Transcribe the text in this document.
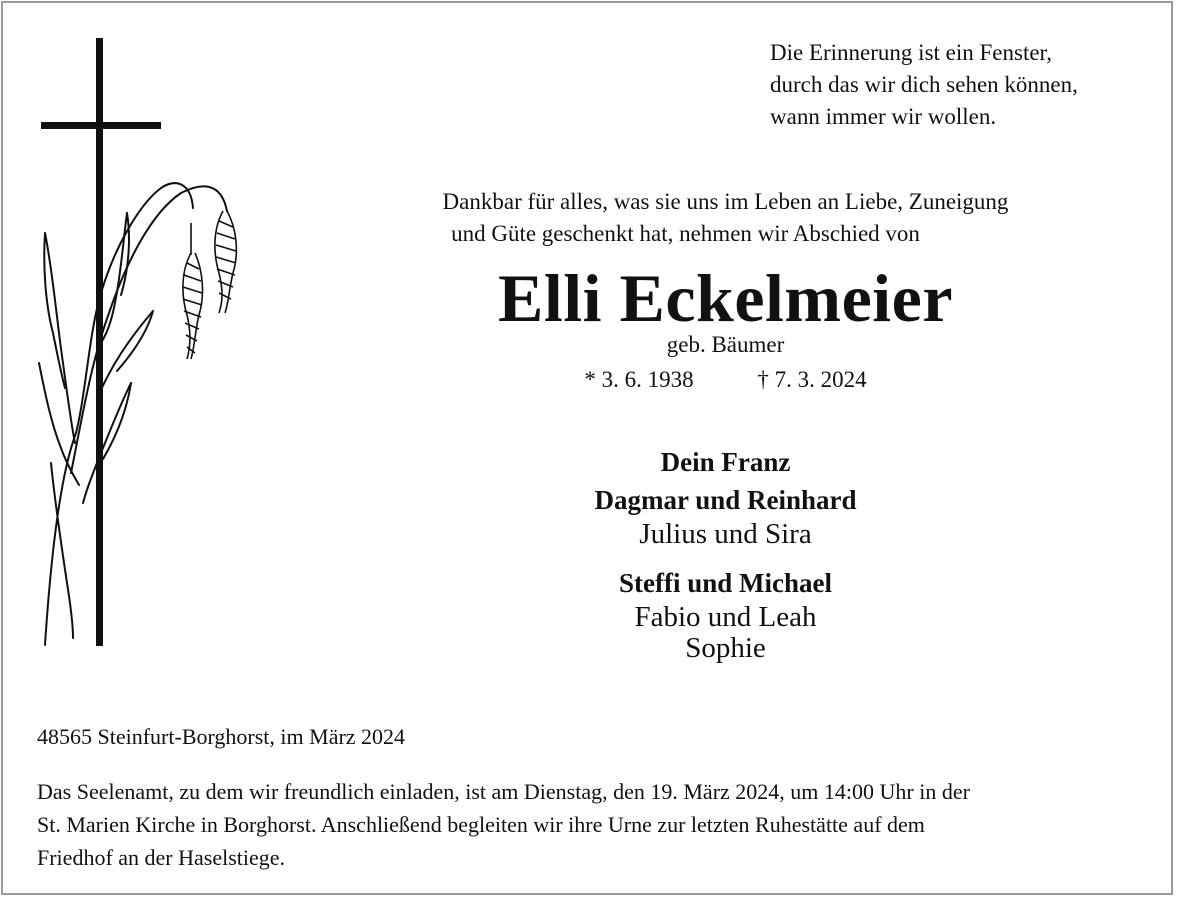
Die Erinnerung ist ein Fenster,
durch das wir dich sehen können,
wann immer wir wollen.
Dankbar für alles, was sie uns im Leben an Liebe, Zuneigung
und Güte geschenkt hat, nehmen wir Abschied von
Elli Eckelmeier
geb. Bäumer
* 3. 6. 1938	† 7. 3. 2024
Dein Franz
Dagmar und Reinhard
Julius und Sira
Steffi und Michael
Fabio und Leah
Sophie
48565 Steinfurt-Borghorst, im März 2024
Das Seelenamt, zu dem wir freundlich einladen, ist am Dienstag, den 19. März 2024, um 14:00 Uhr in der
St. Marien Kirche in Borghorst. Anschließend begleiten wir ihre Urne zur letzten Ruhestätte auf dem
Friedhof an der Haselstiege.
